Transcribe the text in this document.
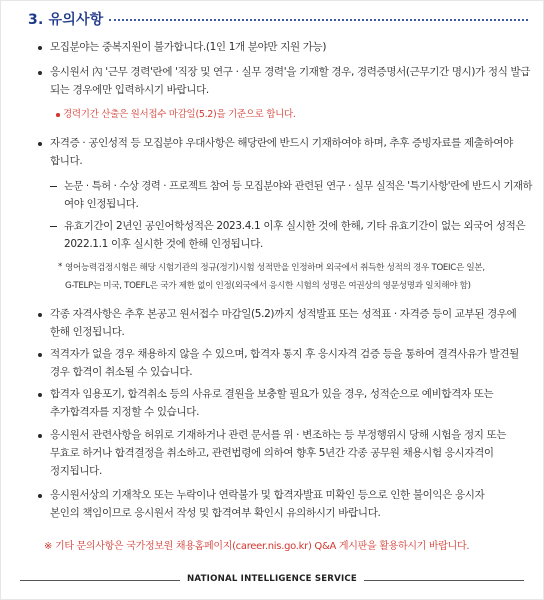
3. 유의사항
모집분야는 중복지원이 불가합니다.(1인 1개 분야만 지원 가능)
응시원서 內 '근무 경력'란에 '직장 및 연구 · 실무 경력'을 기재할 경우, 경력증명서(근무기간 명시)가 정식 발급
되는 경우에만 입력하시기 바랍니다.
경력기간 산출은 원서접수 마감일(5.2)을 기준으로 합니다.
자격증 · 공인성적 등 모집분야 우대사항은 해당란에 반드시 기재하여야 하며, 추후 증빙자료를 제출하여야
합니다.
논문 · 특허 · 수상 경력 · 프로젝트 참여 등 모집분야와 관련된 연구 · 실무 실적은 '특기사항'란에 반드시 기재하
여야 인정됩니다.
유효기간이 2년인 공인어학성적은 2023.4.1 이후 실시한 것에 한해, 기타 유효기간이 없는 외국어 성적은
2022.1.1 이후 실시한 것에 한해 인정됩니다.
* 영어능력검정시험은 해당 시험기관의 정규(정기)시험 성적만을 인정하며 외국에서 취득한 성적의 경우 TOEIC은 일본,
G-TELP는 미국, TOEFL은 국가 제한 없이 인정(외국에서 응시한 시험의 성명은 여권상의 영문성명과 일치해야 함)
각종 자격사항은 추후 본공고 원서접수 마감일(5.2)까지 성적발표 또는 성적표 · 자격증 등이 교부된 경우에
한해 인정됩니다.
적격자가 없을 경우 채용하지 않을 수 있으며, 합격자 통지 후 응시자격 검증 등을 통하여 결격사유가 발견될
경우 합격이 취소될 수 있습니다.
합격자 임용포기, 합격취소 등의 사유로 결원을 보충할 필요가 있을 경우, 성적순으로 예비합격자 또는
추가합격자를 지정할 수 있습니다.
응시원서 관련사항을 허위로 기재하거나 관련 문서를 위 · 변조하는 등 부정행위시 당해 시험을 정지 또는
무효로 하거나 합격결정을 취소하고, 관련법령에 의하여 향후 5년간 각종 공무원 채용시험 응시자격이
정지됩니다.
응시원서상의 기재착오 또는 누락이나 연락불가 및 합격자발표 미확인 등으로 인한 불이익은 응시자
본인의 책임이므로 응시원서 작성 및 합격여부 확인시 유의하시기 바랍니다.
※ 기타 문의사항은 국가정보원 채용홈페이지(career.nis.go.kr) Q&A 게시판을 활용하시기 바랍니다.
NATIONAL INTELLIGENCE SERVICE
